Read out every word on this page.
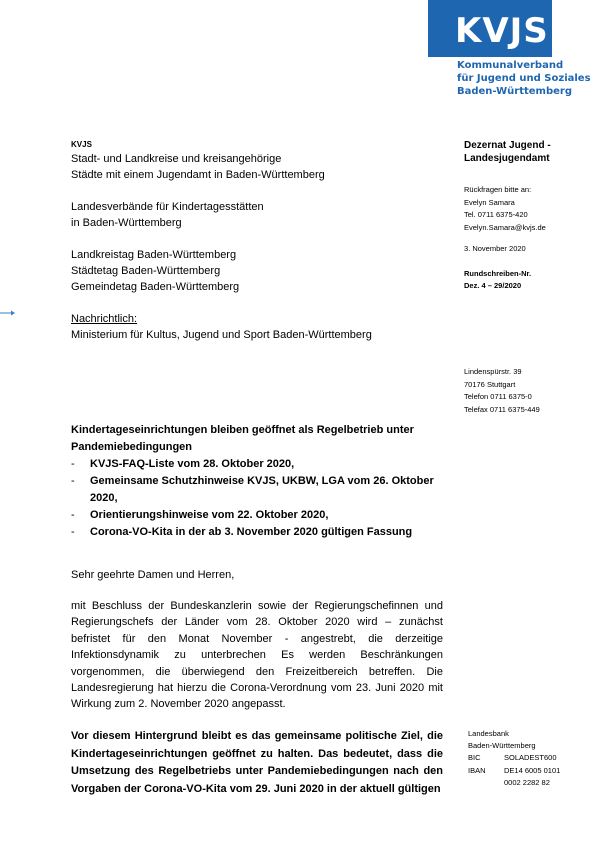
KVJS
Kommunalverband
für Jugend und Soziales
Baden-Württemberg
KVJS
Stadt- und Landkreise und kreisangehörige
Städte mit einem Jugendamt in Baden-Württemberg
Landesverbände für Kindertagesstätten
in Baden-Württemberg
Landkreistag Baden-Württemberg
Städtetag Baden-Württemberg
Gemeindetag Baden-Württemberg
Nachrichtlich:
Ministerium für Kultus, Jugend und Sport Baden-Württemberg
Dezernat Jugend -
Landesjugendamt
Rückfragen bitte an:
Evelyn Samara
Tel. 0711 6375-420
Evelyn.Samara@kvjs.de
3. November 2020
Rundschreiben-Nr.
Dez. 4 – 29/2020
Lindenspürstr. 39
70176 Stuttgart
Telefon 0711 6375-0
Telefax 0711 6375-449
Kindertageseinrichtungen bleiben geöffnet als Regelbetrieb unter Pandemiebedingungen
- KVJS-FAQ-Liste vom 28. Oktober 2020,
- Gemeinsame Schutzhinweise KVJS, UKBW, LGA vom 26. Oktober 2020,
- Orientierungshinweise vom 22. Oktober 2020,
- Corona-VO-Kita in der ab 3. November 2020 gültigen Fassung
Sehr geehrte Damen und Herren,
mit Beschluss der Bundeskanzlerin sowie der Regierungschefinnen und Regierungschefs der Länder vom 28. Oktober 2020 wird – zunächst befristet für den Monat November - angestrebt, die derzeitige Infektionsdynamik zu unterbrechen Es werden Beschränkungen vorgenommen, die überwiegend den Freizeitbereich betreffen. Die Landesregierung hat hierzu die Corona-Verordnung vom 23. Juni 2020 mit Wirkung zum 2. November 2020 angepasst.
Vor diesem Hintergrund bleibt es das gemeinsame politische Ziel, die Kindertageseinrichtungen geöffnet zu halten. Das bedeutet, dass die Umsetzung des Regelbetriebs unter Pandemiebedingungen nach den Vorgaben der Corona-VO-Kita vom 29. Juni 2020 in der aktuell gültigen
Landesbank
Baden-Württemberg
BIC	SOLADEST600
IBAN	DE14 6005 0101
0002 2282 82
